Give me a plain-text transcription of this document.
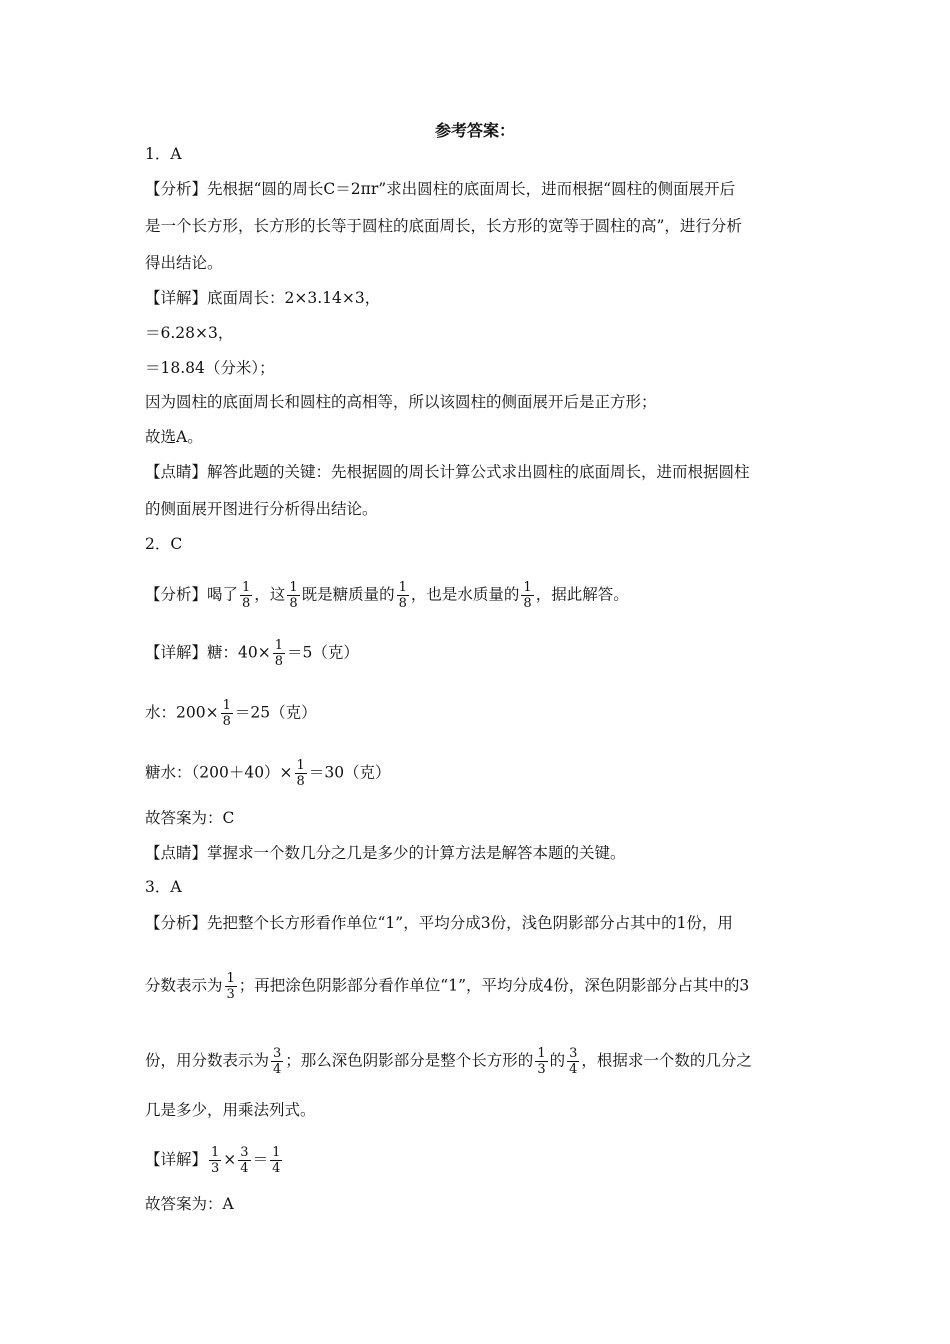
参考答案：
1．A
【分析】先根据“圆的周长C＝2πr”求出圆柱的底面周长，进而根据“圆柱的侧面展开后
是一个长方形，长方形的长等于圆柱的底面周长，长方形的宽等于圆柱的高”，进行分析
得出结论。
【详解】底面周长：2×3.14×3，
＝6.28×3，
＝18.84（分米）；
因为圆柱的底面周长和圆柱的高相等，所以该圆柱的侧面展开后是正方形；
故选A。
【点睛】解答此题的关键：先根据圆的周长计算公式求出圆柱的底面周长，进而根据圆柱
的侧面展开图进行分析得出结论。
2．C
【分析】喝了 $\frac{1}{8}$ ，这 $\frac{1}{8}$ 既是糖质量的 $\frac{1}{8}$ ，也是水质量的 $\frac{1}{8}$ ，据此解答。
【详解】糖：$40\times \frac{1}{8} =5$（克）
水：$200\times \frac{1}{8} =25$（克）
糖水：$(200+40)\times \frac{1}{8} =30$（克）
故答案为：C
【点睛】掌握求一个数几分之几是多少的计算方法是解答本题的关键。
3．A
【分析】先把整个长方形看作单位“1”，平均分成3份，浅色阴影部分占其中的1份，用
分数表示为 $\frac{1}{3}$ ；再把涂色阴影部分看作单位“1”，平均分成4份，深色阴影部分占其中的3
份，用分数表示为 $\frac{3}{4}$ ；那么深色阴影部分是整个长方形的 $\frac{1}{3}$ 的 $\frac{3}{4}$ ，根据求一个数的几分之
几是多少，用乘法列式。
【详解】 $\frac{1}{3} \times \frac{3}{4} = \frac{1}{4}$
故答案为：A
